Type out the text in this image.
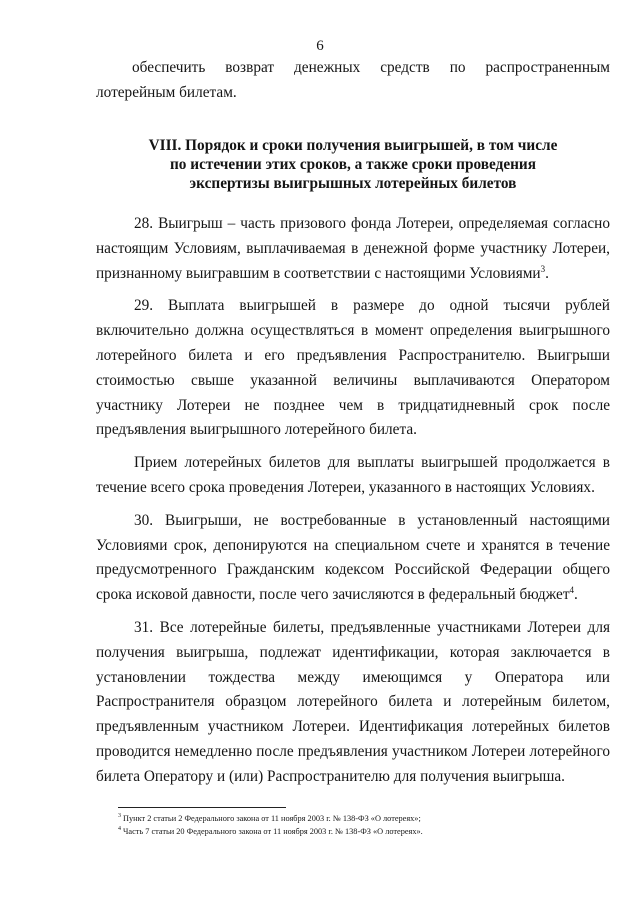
6

обеспечить возврат денежных средств по распространенным лотерейным билетам.

VIII. Порядок и сроки получения выигрышей, в том числе
по истечении этих сроков, а также сроки проведения
экспертизы выигрышных лотерейных билетов

28. Выигрыш – часть призового фонда Лотереи, определяемая согласно настоящим Условиям, выплачиваемая в денежной форме участнику Лотереи, признанному выигравшим в соответствии с настоящими Условиями$^3$.

29. Выплата выигрышей в размере до одной тысячи рублей включительно должна осуществляться в момент определения выигрышного лотерейного билета и его предъявления Распространителю. Выигрыши стоимостью свыше указанной величины выплачиваются Оператором участнику Лотереи не позднее чем в тридцатидневный срок после предъявления выигрышного лотерейного билета.

Прием лотерейных билетов для выплаты выигрышей продолжается в течение всего срока проведения Лотереи, указанного в настоящих Условиях.

30. Выигрыши, не востребованные в установленный настоящими Условиями срок, депонируются на специальном счете и хранятся в течение предусмотренного Гражданским кодексом Российской Федерации общего срока исковой давности, после чего зачисляются в федеральный бюджет$^4$.

31. Все лотерейные билеты, предъявленные участниками Лотереи для получения выигрыша, подлежат идентификации, которая заключается в установлении тождества между имеющимся у Оператора или Распространителя образцом лотерейного билета и лотерейным билетом, предъявленным участником Лотереи. Идентификация лотерейных билетов проводится немедленно после предъявления участником Лотереи лотерейного билета Оператору и (или) Распространителю для получения выигрыша.

$^3$ Пункт 2 статьи 2 Федерального закона от 11 ноября 2003 г. № 138-ФЗ «О лотереях»;
$^4$ Часть 7 статьи 20 Федерального закона от 11 ноября 2003 г. № 138-ФЗ «О лотереях».
